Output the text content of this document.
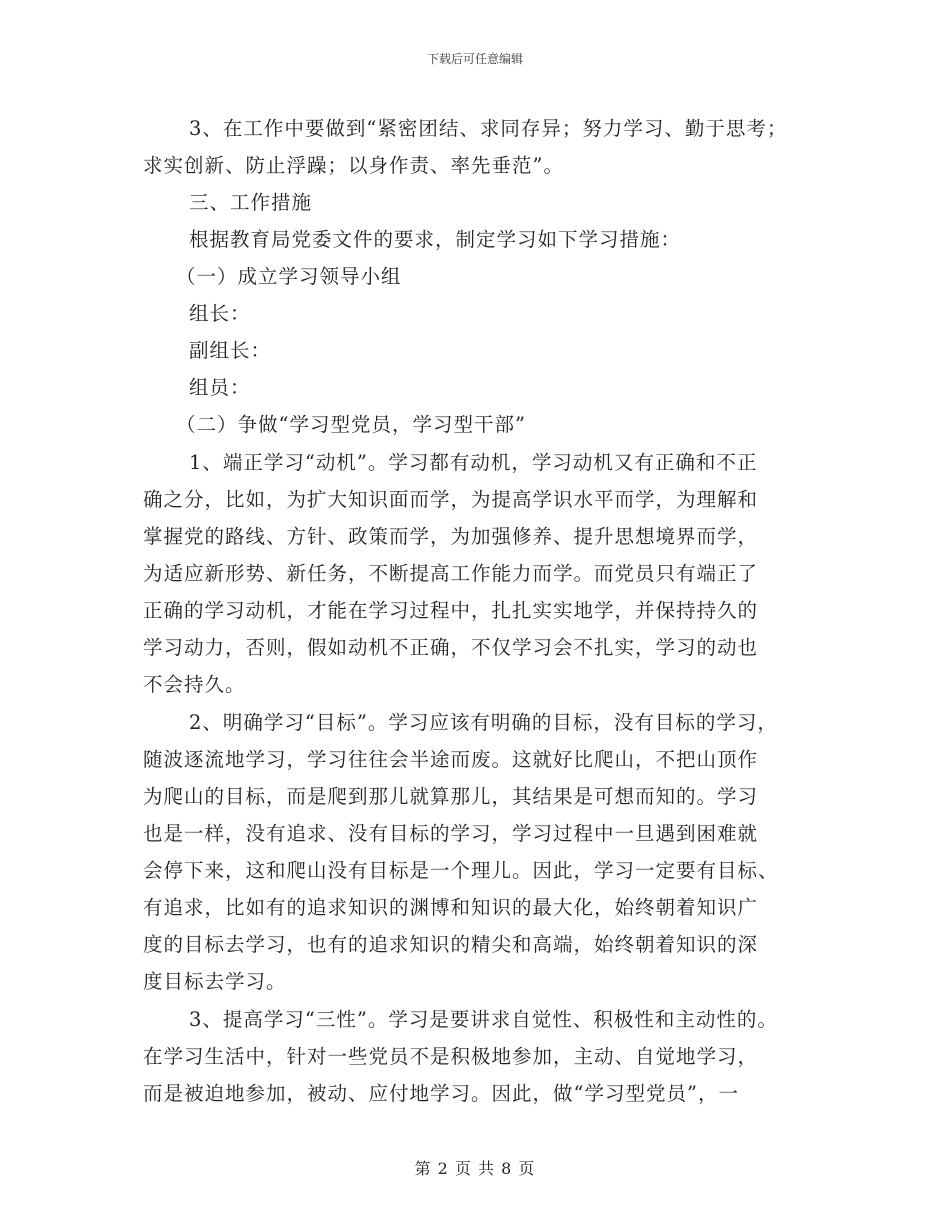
下载后可任意编辑
3、在工作中要做到“紧密团结、求同存异；努力学习、勤于思考；
求实创新、防止浮躁；以身作责、率先垂范”。
三、工作措施
根据教育局党委文件的要求，制定学习如下学习措施：
（一）成立学习领导小组
组长：
副组长：
组员：
（二）争做“学习型党员，学习型干部”
1、端正学习“动机”。学习都有动机，学习动机又有正确和不正
确之分，比如，为扩大知识面而学，为提高学识水平而学，为理解和
掌握党的路线、方针、政策而学，为加强修养、提升思想境界而学，
为适应新形势、新任务，不断提高工作能力而学。而党员只有端正了
正确的学习动机，才能在学习过程中，扎扎实实地学，并保持持久的
学习动力，否则，假如动机不正确，不仅学习会不扎实，学习的动也
不会持久。
2、明确学习“目标”。学习应该有明确的目标，没有目标的学习，
随波逐流地学习，学习往往会半途而废。这就好比爬山，不把山顶作
为爬山的目标，而是爬到那儿就算那儿，其结果是可想而知的。学习
也是一样，没有追求、没有目标的学习，学习过程中一旦遇到困难就
会停下来，这和爬山没有目标是一个理儿。因此，学习一定要有目标、
有追求，比如有的追求知识的渊博和知识的最大化，始终朝着知识广
度的目标去学习，也有的追求知识的精尖和高端，始终朝着知识的深
度目标去学习。
3、提高学习“三性”。学习是要讲求自觉性、积极性和主动性的。
在学习生活中，针对一些党员不是积极地参加，主动、自觉地学习，
而是被迫地参加，被动、应付地学习。因此，做“学习型党员”，一
第 2 页 共 8 页
